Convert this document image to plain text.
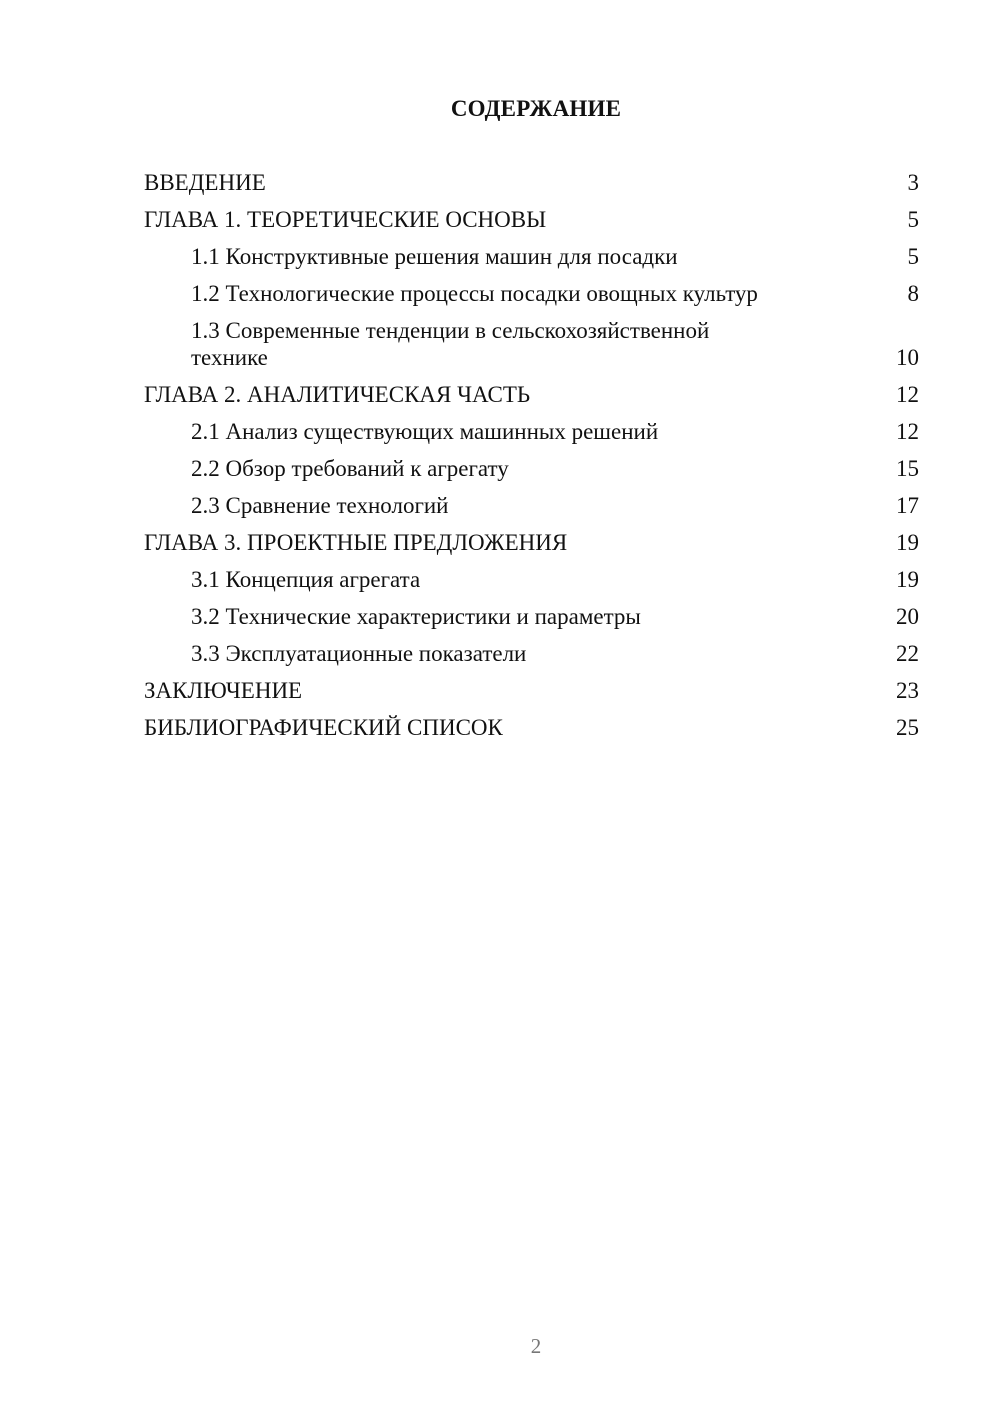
СОДЕРЖАНИЕ
ВВЕДЕНИЕ	3
ГЛАВА 1. ТЕОРЕТИЧЕСКИЕ ОСНОВЫ	5
1.1 Конструктивные решения машин для посадки	5
1.2 Технологические процессы посадки овощных культур	8
1.3 Современные тенденции в сельскохозяйственной технике	10
ГЛАВА 2. АНАЛИТИЧЕСКАЯ ЧАСТЬ	12
2.1 Анализ существующих машинных решений	12
2.2 Обзор требований к агрегату	15
2.3 Сравнение технологий	17
ГЛАВА 3. ПРОЕКТНЫЕ ПРЕДЛОЖЕНИЯ	19
3.1 Концепция агрегата	19
3.2 Технические характеристики и параметры	20
3.3 Эксплуатационные показатели	22
ЗАКЛЮЧЕНИЕ	23
БИБЛИОГРАФИЧЕСКИЙ СПИСОК	25
2
